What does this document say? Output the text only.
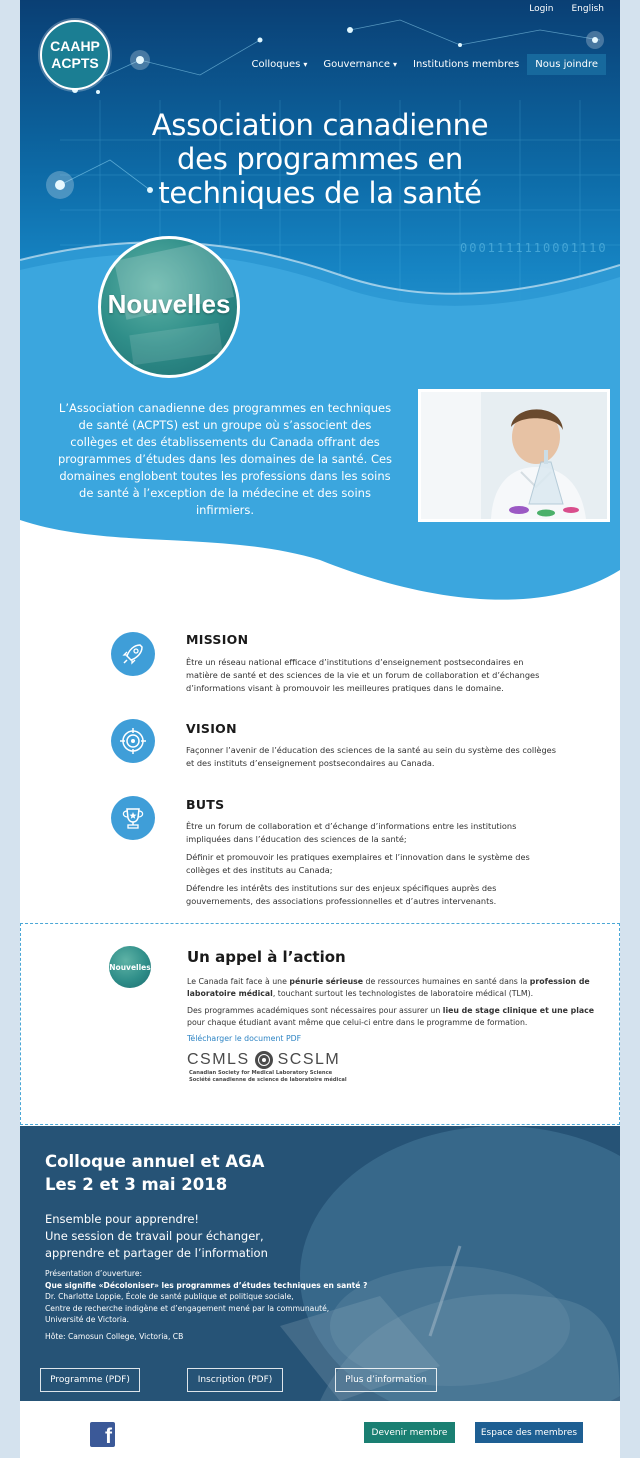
0001111110001110
Login English
CAAHP
ACPTS	Colloques ▾ Gouvernance ▾ Institutions membres Nous joindre
Association canadienne
des programmes en
techniques de la santé
Nouvelles

L’Association canadienne des programmes en techniques de santé (ACPTS) est un groupe où s’associent des collèges et des établissements du Canada offrant des programmes d’études dans les domaines de la santé. Ces domaines englobent toutes les professions dans les soins de santé à l’exception de la médecine et des soins infirmiers.

MISSION

Être un réseau national efficace d’institutions d’enseignement postsecondaires en matière de santé et des sciences de la vie et un forum de collaboration et d’échanges d’informations visant à promouvoir les meilleures pratiques dans le domaine.

VISION

Façonner l’avenir de l’éducation des sciences de la santé au sein du système des collèges et des instituts d’enseignement postsecondaires au Canada.

BUTS

Être un forum de collaboration et d’échange d’informations entre les institutions impliquées dans l’éducation des sciences de la santé;

Définir et promouvoir les pratiques exemplaires et l’innovation dans le système des collèges et des instituts au Canada;

Défendre les intérêts des institutions sur des enjeux spécifiques auprès des gouvernements, des associations professionnelles et d’autres intervenants.

Nouvelles
Un appel à l’action

Le Canada fait face à une pénurie sérieuse de ressources humaines en santé dans la profession de laboratoire médical, touchant surtout les technologistes de laboratoire médical (TLM).

Des programmes académiques sont nécessaires pour assurer un lieu de stage clinique et une place pour chaque étudiant avant même que celui-ci entre dans le programme de formation.

Télécharger le document PDF
CSMLS SCSLM
Canadian Society for Medical Laboratory Science
Société canadienne de science de laboratoire médical
Colloque annuel et AGA
Les 2 et 3 mai 2018
Ensemble pour apprendre!
Une session de travail pour échanger,
apprendre et partager de l’information
Présentation d’ouverture:
Que signifie «Décoloniser» les programmes d’études techniques en santé ?
Dr. Charlotte Loppie, École de santé publique et politique sociale,
Centre de recherche indigène et d’engagement mené par la communauté,
Université de Victoria.
Hôte: Camosun College, Victoria, CB
Programme (PDF)	Inscription (PDF)	Plus d’information
f	Devenir membre	Espace des membres
